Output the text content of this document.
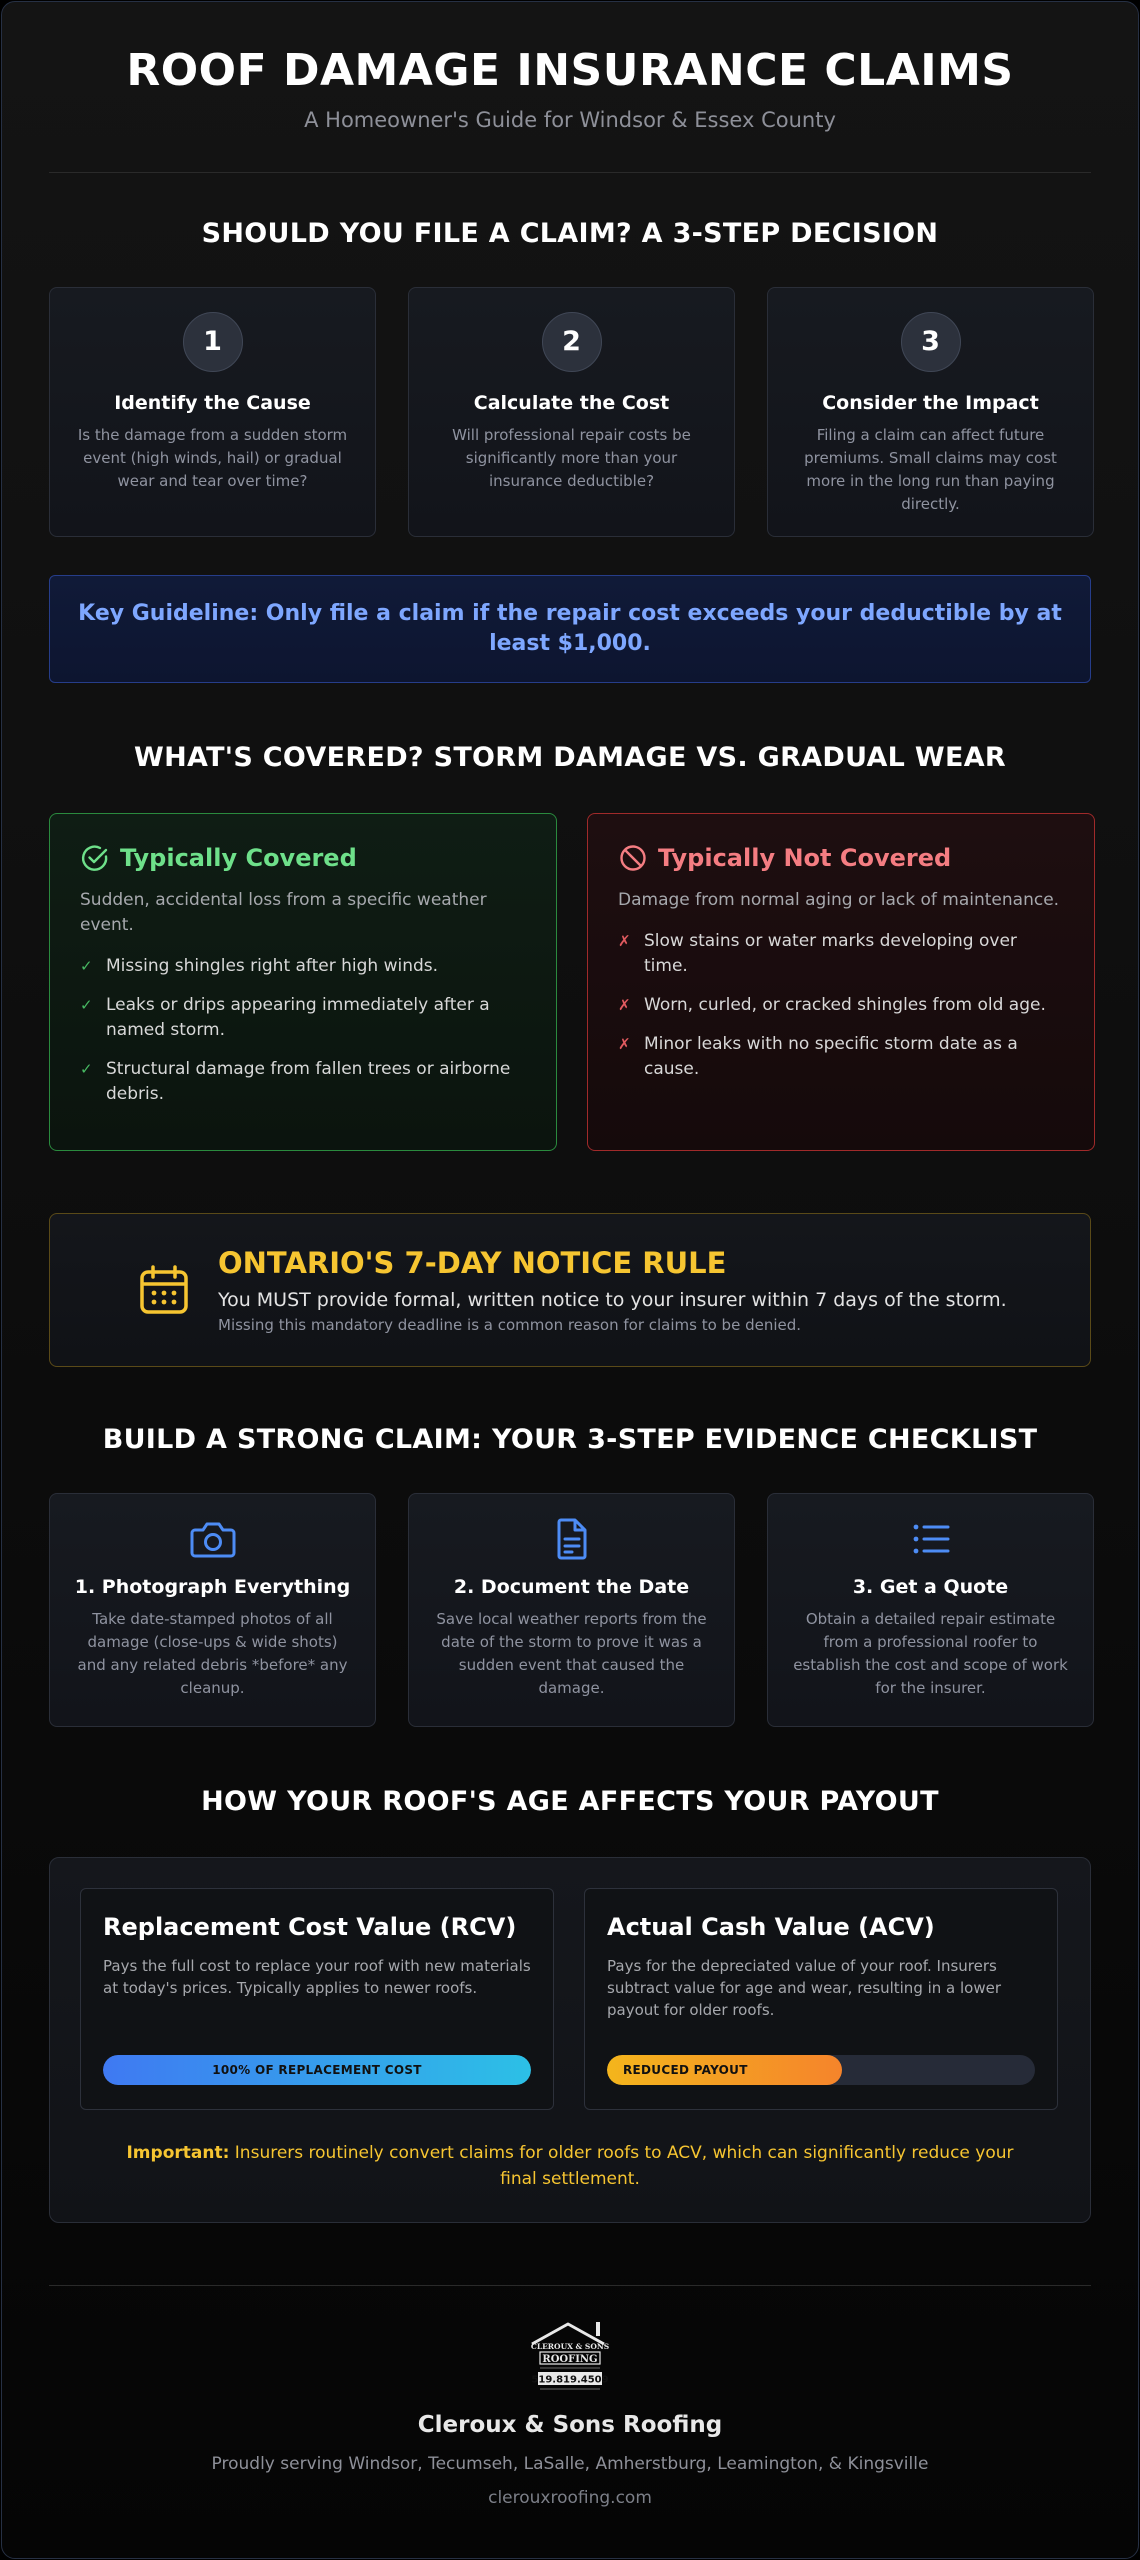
ROOF DAMAGE INSURANCE CLAIMS
A Homeowner's Guide for Windsor & Essex County
SHOULD YOU FILE A CLAIM? A 3-STEP DECISION
1
Identify the Cause
Is the damage from a sudden storm event (high winds, hail) or gradual wear and tear over time?
2
Calculate the Cost
Will professional repair costs be significantly more than your insurance deductible?
3
Consider the Impact
Filing a claim can affect future premiums. Small claims may cost more in the long run than paying directly.
Key Guideline: Only file a claim if the repair cost exceeds your deductible by at least $1,000.
WHAT'S COVERED? STORM DAMAGE VS. GRADUAL WEAR
Typically Covered
Sudden, accidental loss from a specific weather event.
✓ Missing shingles right after high winds.
✓ Leaks or drips appearing immediately after a named storm.
✓ Structural damage from fallen trees or airborne debris.
Typically Not Covered
Damage from normal aging or lack of maintenance.
✗ Slow stains or water marks developing over time.
✗ Worn, curled, or cracked shingles from old age.
✗ Minor leaks with no specific storm date as a cause.
ONTARIO'S 7-DAY NOTICE RULE
You MUST provide formal, written notice to your insurer within 7 days of the storm.
Missing this mandatory deadline is a common reason for claims to be denied.
BUILD A STRONG CLAIM: YOUR 3-STEP EVIDENCE CHECKLIST
1. Photograph Everything
Take date-stamped photos of all damage (close-ups & wide shots) and any related debris *before* any cleanup.
2. Document the Date
Save local weather reports from the date of the storm to prove it was a sudden event that caused the damage.
3. Get a Quote
Obtain a detailed repair estimate from a professional roofer to establish the cost and scope of work for the insurer.
HOW YOUR ROOF'S AGE AFFECTS YOUR PAYOUT
Replacement Cost Value (RCV)
Pays the full cost to replace your roof with new materials at today's prices. Typically applies to newer roofs.
100% OF REPLACEMENT COST
Actual Cash Value (ACV)
Pays for the depreciated value of your roof. Insurers subtract value for age and wear, resulting in a lower payout for older roofs.
REDUCED PAYOUT
Important: Insurers routinely convert claims for older roofs to ACV, which can significantly reduce your final settlement.
CLEROUX & SONS
ROOFING
519.819.4509
Cleroux & Sons Roofing
Proudly serving Windsor, Tecumseh, LaSalle, Amherstburg, Leamington, & Kingsville
clerouxroofing.com
